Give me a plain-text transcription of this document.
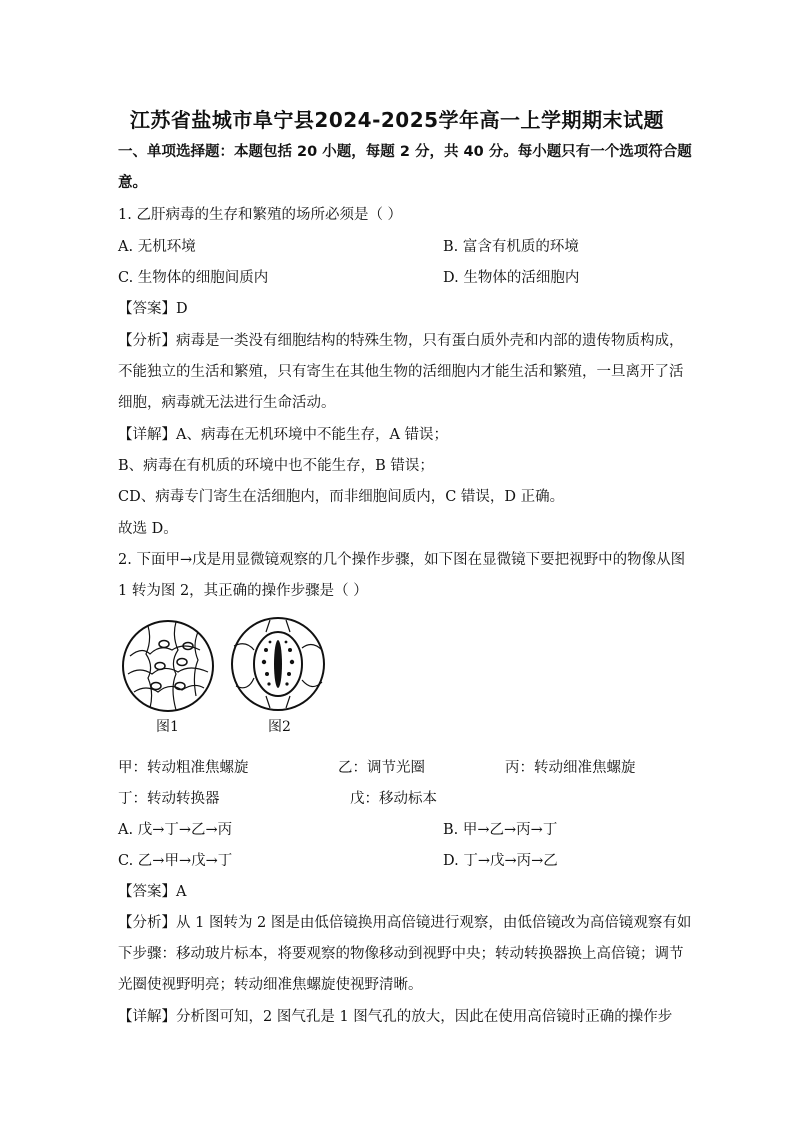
江苏省盐城市阜宁县2024-2025学年高一上学期期末试题
一、单项选择题：本题包括 20 小题，每题 2 分，共 40 分。每小题只有一个选项符合题
意。
1. 乙肝病毒的生存和繁殖的场所必须是（ ）
A. 无机环境	B. 富含有机质的环境
C. 生物体的细胞间质内	D. 生物体的活细胞内
【答案】D
【分析】病毒是一类没有细胞结构的特殊生物，只有蛋白质外壳和内部的遗传物质构成，
不能独立的生活和繁殖，只有寄生在其他生物的活细胞内才能生活和繁殖，一旦离开了活
细胞，病毒就无法进行生命活动。
【详解】A、病毒在无机环境中不能生存，A 错误；
B、病毒在有机质的环境中也不能生存，B 错误；
CD、病毒专门寄生在活细胞内，而非细胞间质内，C 错误，D 正确。
故选 D。
2. 下面甲→戊是用显微镜观察的几个操作步骤，如下图在显微镜下要把视野中的物像从图
1 转为图 2，其正确的操作步骤是（ ）
图1	图2
甲：转动粗准焦螺旋	乙：调节光圈	丙：转动细准焦螺旋
丁：转动转换器	戊：移动标本
A. 戊→丁→乙→丙	B. 甲→乙→丙→丁
C. 乙→甲→戊→丁	D. 丁→戊→丙→乙
【答案】A
【分析】从 1 图转为 2 图是由低倍镜换用高倍镜进行观察，由低倍镜改为高倍镜观察有如
下步骤：移动玻片标本，将要观察的物像移动到视野中央；转动转换器换上高倍镜；调节
光圈使视野明亮；转动细准焦螺旋使视野清晰。
【详解】分析图可知，2 图气孔是 1 图气孔的放大，因此在使用高倍镜时正确的操作步
